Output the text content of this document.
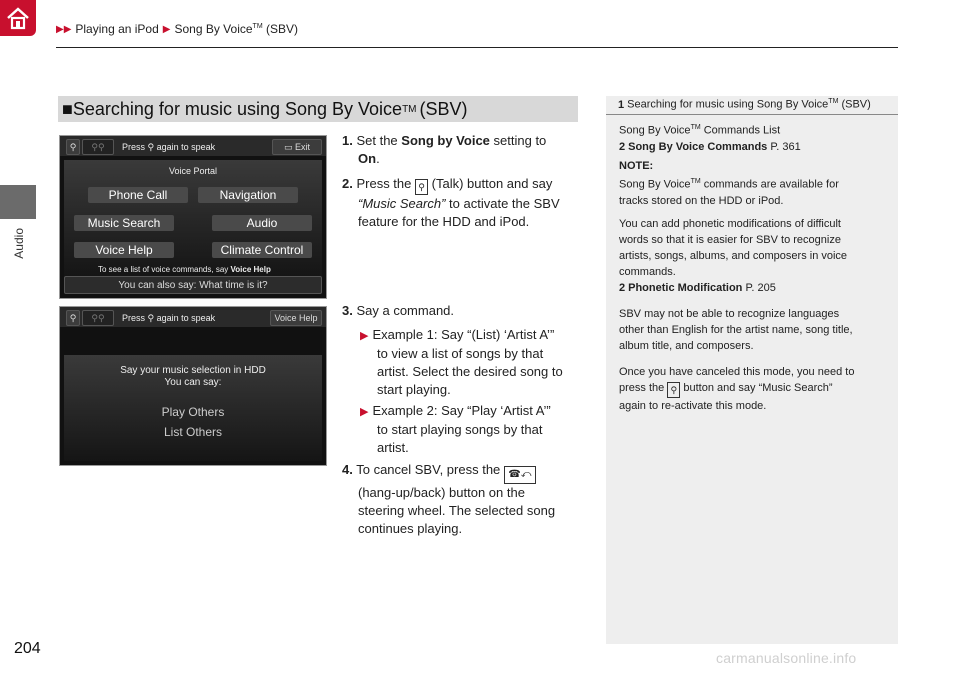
▶▶ Playing an iPod ▶ Song By Voice™ (SBV)
Audio
■ Searching for music using Song By Voice TM (SBV)
⚲	⚲⚲	Press ⚲ again to speak	▭ Exit
Voice Portal
Phone Call	Navigation
Music Search	Audio
Voice Help	Climate Control
To see a list of voice commands, say Voice Help
You can also say: What time is it?
⚲	⚲⚲	Press ⚲ again to speak	Voice Help
Say your music selection in HDD
You can say:
Play Others
List Others
1. Set the Song by Voice setting to
On.
2. Press the ⚲ (Talk) button and say
“Music Search” to activate the SBV
feature for the HDD and iPod.
3. Say a command.
▶ Example 1: Say “(List) ‘Artist A’”
to view a list of songs by that
artist. Select the desired song to
start playing.
▶ Example 2: Say “Play ‘Artist A’”
to start playing songs by that
artist.
4. To cancel SBV, press the ☎⤺
(hang-up/back) button on the
steering wheel. The selected song
continues playing.
1 Searching for music using Song By Voice™ (SBV)
Song By Voice™ Commands List
2 Song By Voice Commands P. 361
NOTE:
Song By Voice™ commands are available for
tracks stored on the HDD or iPod.
You can add phonetic modifications of difficult
words so that it is easier for SBV to recognize
artists, songs, albums, and composers in voice
commands.
2 Phonetic Modification P. 205
SBV may not be able to recognize languages
other than English for the artist name, song title,
album title, and composers.
Once you have canceled this mode, you need to
press the ⚲ button and say “Music Search”
again to re-activate this mode.
204
carmanualsonline.info
